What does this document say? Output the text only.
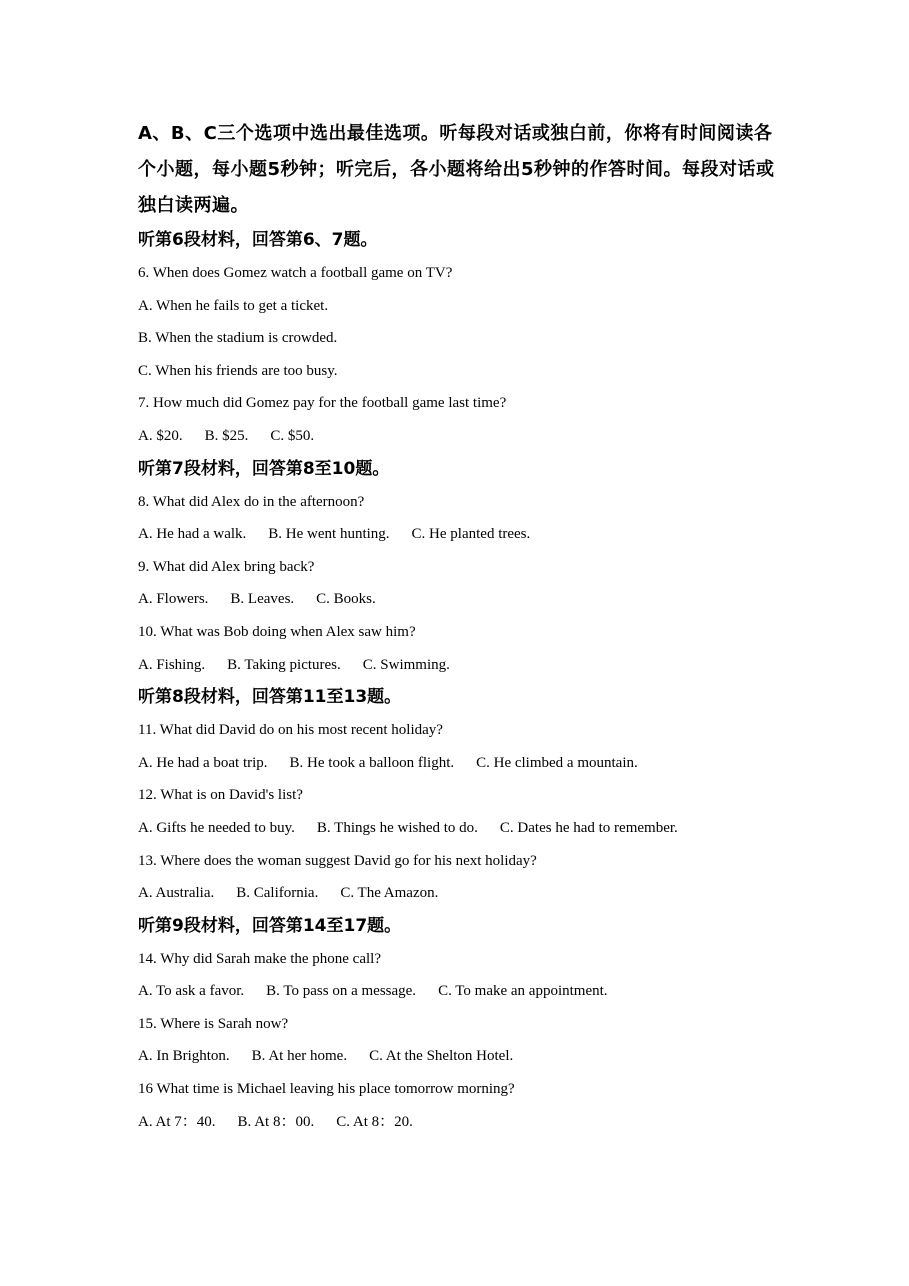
A、B、C三个选项中选出最佳选项。听每段对话或独白前，你将有时间阅读各个小题，每小题5秒钟；听完后，各小题将给出5秒钟的作答时间。每段对话或独白读两遍。

听第6段材料，回答第6、7题。
6. When does Gomez watch a football game on TV?
A. When he fails to get a ticket.
B. When the stadium is crowded.
C. When his friends are too busy.
7. How much did Gomez pay for the football game last time?
A. $20. B. $25. C. $50.
听第7段材料，回答第8至10题。
8. What did Alex do in the afternoon?
A. He had a walk. B. He went hunting. C. He planted trees.
9. What did Alex bring back?
A. Flowers. B. Leaves. C. Books.
10. What was Bob doing when Alex saw him?
A. Fishing. B. Taking pictures. C. Swimming.
听第8段材料，回答第11至13题。
11. What did David do on his most recent holiday?
A. He had a boat trip. B. He took a balloon flight. C. He climbed a mountain.
12. What is on David's list?
A. Gifts he needed to buy. B. Things he wished to do. C. Dates he had to remember.
13. Where does the woman suggest David go for his next holiday?
A. Australia. B. California. C. The Amazon.
听第9段材料，回答第14至17题。
14. Why did Sarah make the phone call?
A. To ask a favor. B. To pass on a message. C. To make an appointment.
15. Where is Sarah now?
A. In Brighton. B. At her home. C. At the Shelton Hotel.
16 What time is Michael leaving his place tomorrow morning?
A. At 7：40. B. At 8：00. C. At 8：20.
